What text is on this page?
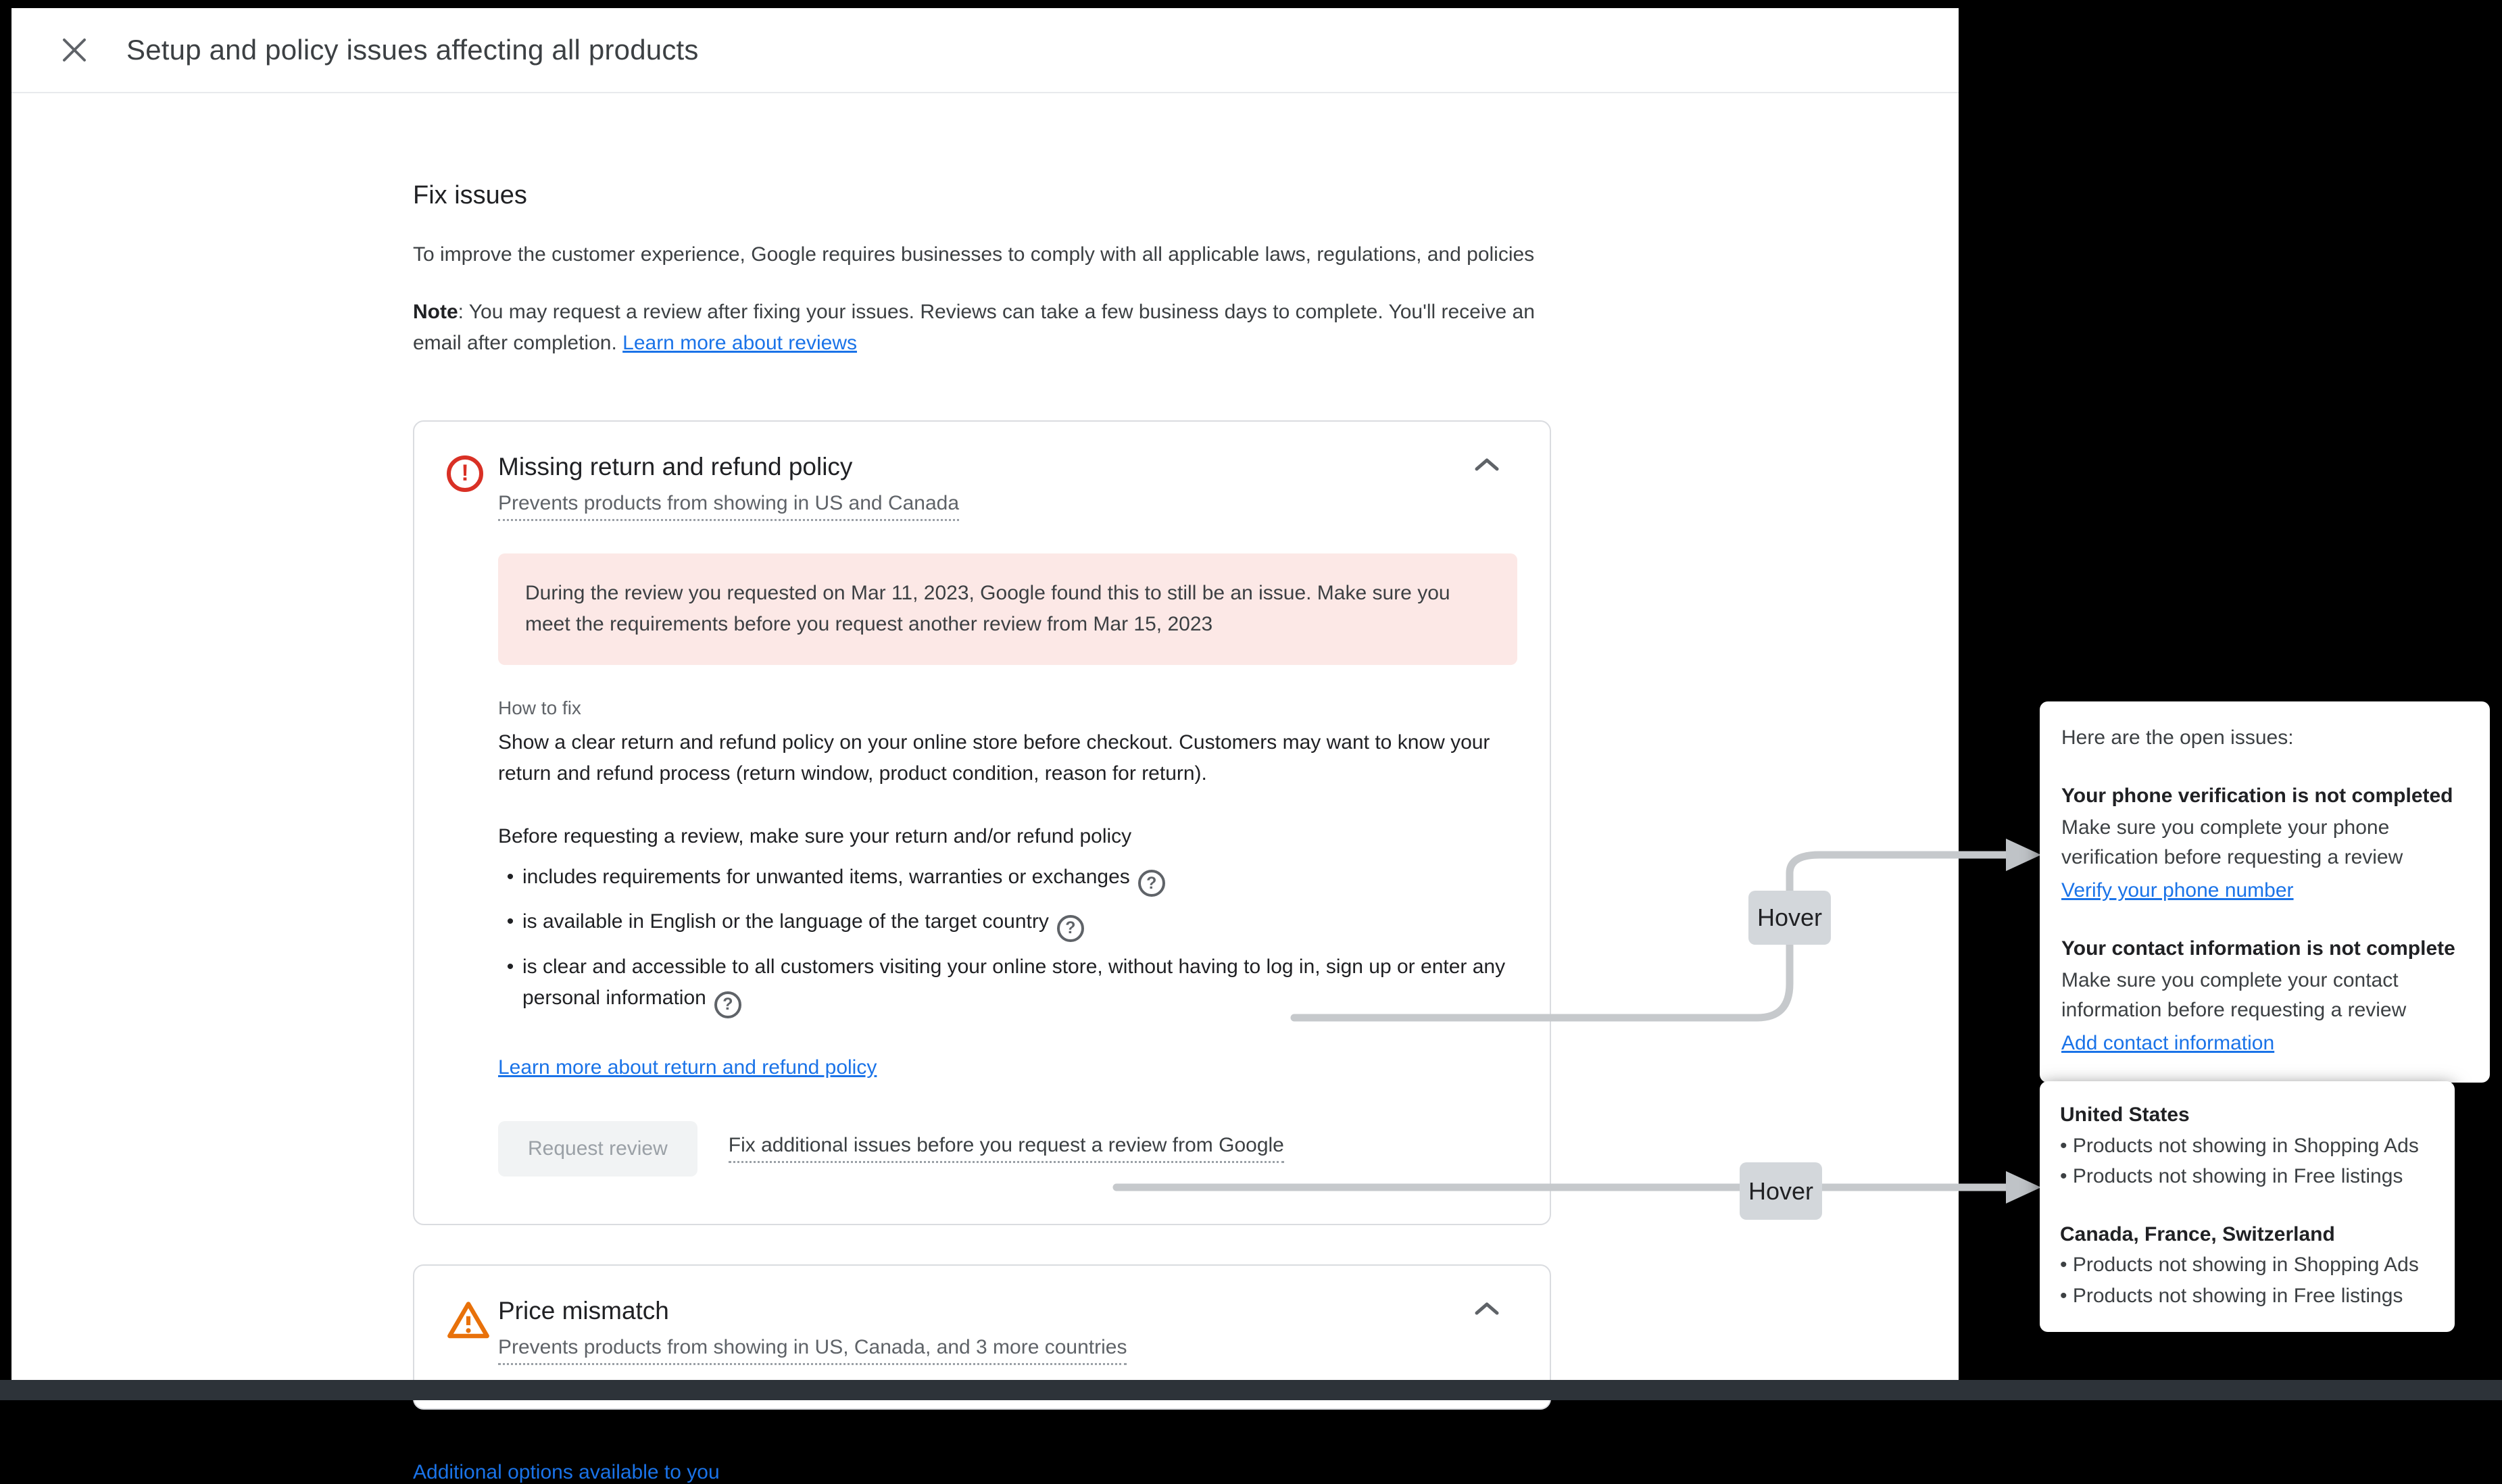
Setup and policy issues affecting all products
Fix issues

To improve the customer experience, Google requires businesses to comply with all applicable laws, regulations, and policies

Note: You may request a review after fixing your issues. Reviews can take a few business days to complete. You'll receive an email after completion. Learn more about reviews

!	Missing return and refund policy
Prevents products from showing in US and Canada
During the review you requested on Mar 11, 2023, Google found this to still be an issue. Make sure you meet the requirements before you request another review from Mar 15, 2023
How to fix

Show a clear return and refund policy on your online store before checkout. Customers may want to know your return and refund process (return window, product condition, reason for return).

Before requesting a review, make sure your return and/or refund policy

• includes requirements for unwanted items, warranties or exchanges ?
• is available in English or the language of the target country ?
• is clear and accessible to all customers visiting your online store, without having to log in, sign up or enter any personal information ?
Learn more about return and refund policy
Request review	Fix additional issues before you request a review from Google
Price mismatch
Prevents products from showing in US, Canada, and 3 more countries
Additional options available to you
Hover
Hover
Here are the open issues:
Your phone verification is not completed
Make sure you complete your phone verification before requesting a review
Verify your phone number
Your contact information is not complete
Make sure you complete your contact information before requesting a review
Add contact information
United States
• Products not showing in Shopping Ads
• Products not showing in Free listings
Canada, France, Switzerland
• Products not showing in Shopping Ads
• Products not showing in Free listings
